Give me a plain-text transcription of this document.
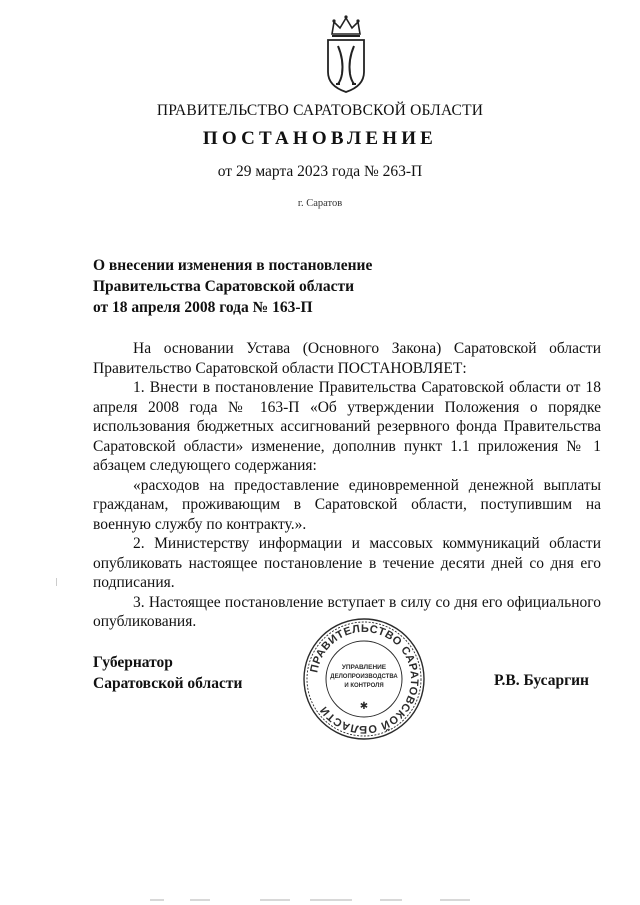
ПРАВИТЕЛЬСТВО САРАТОВСКОЙ ОБЛАСТИ
ПОСТАНОВЛЕНИЕ
от 29 марта 2023 года № 263-П
г. Саратов
О внесении изменения в постановление
Правительства Саратовской области
от 18 апреля 2008 года № 163-П

На основании Устава (Основного Закона) Саратовской области Правительство Саратовской области ПОСТАНОВЛЯЕТ:

1. Внести в постановление Правительства Саратовской области от 18 апреля 2008 года № 163-П «Об утверждении Положения о порядке использования бюджетных ассигнований резервного фонда Правительства Саратовской области» изменение, дополнив пункт 1.1 приложения № 1 абзацем следующего содержания:

«расходов на предоставление единовременной денежной выплаты гражданам, проживающим в Саратовской области, поступившим на военную службу по контракту.».

2. Министерству информации и массовых коммуникаций области опубликовать настоящее постановление в течение десяти дней со дня его подписания.

3. Настоящее постановление вступает в силу со дня его официального опубликования.

Губернатор
Саратовской области	Р.В. Бусаргин
ПРАВИТЕЛЬСТВО САРАТОВСКОЙ ОБЛАСТИ
УПРАВЛЕНИЕ
ДЕЛОПРОИЗВОДСТВА
И КОНТРОЛЯ
✱
